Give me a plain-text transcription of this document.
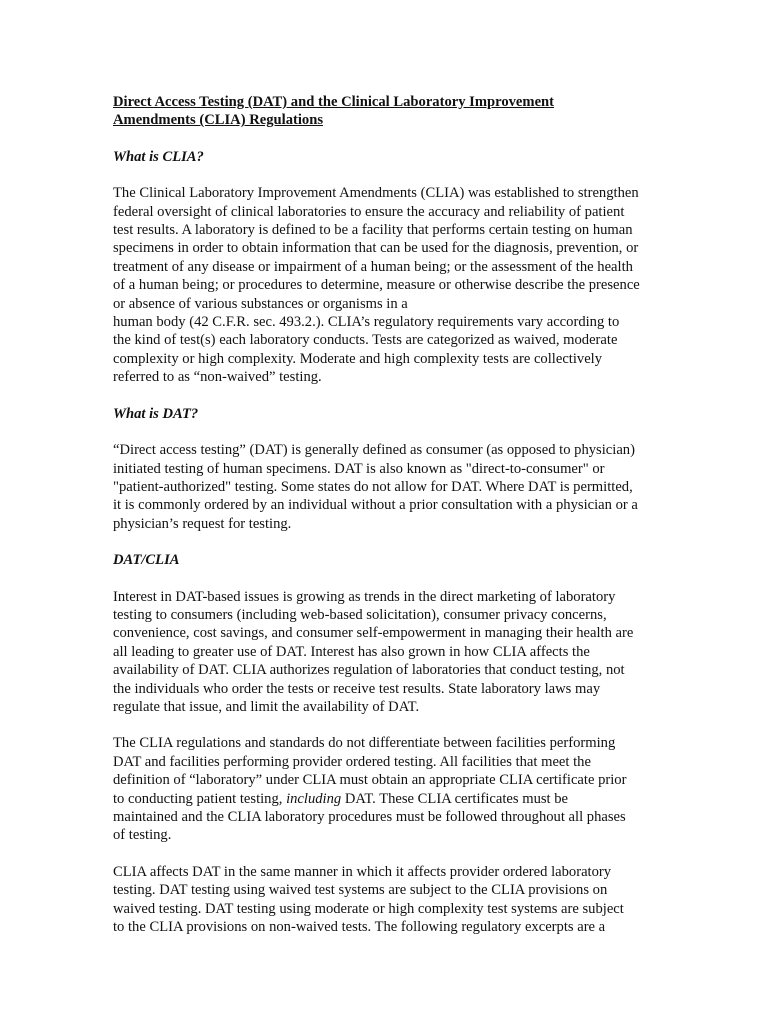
Direct Access Testing (DAT) and the Clinical Laboratory Improvement
Amendments (CLIA) Regulations

What is CLIA?

The Clinical Laboratory Improvement Amendments (CLIA) was established to strengthen
federal oversight of clinical laboratories to ensure the accuracy and reliability of patient
test results. A laboratory is defined to be a facility that performs certain testing on human
specimens in order to obtain information that can be used for the diagnosis, prevention, or
treatment of any disease or impairment of a human being; or the assessment of the health
of a human being; or procedures to determine, measure or otherwise describe the presence
or absence of various substances or organisms in a
human body (42 C.F.R. sec. 493.2.). CLIA’s regulatory requirements vary according to
the kind of test(s) each laboratory conducts. Tests are categorized as waived, moderate
complexity or high complexity. Moderate and high complexity tests are collectively
referred to as “non-waived” testing.

What is DAT?

“Direct access testing” (DAT) is generally defined as consumer (as opposed to physician)
initiated testing of human specimens. DAT is also known as "direct-to-consumer" or
"patient-authorized" testing. Some states do not allow for DAT. Where DAT is permitted,
it is commonly ordered by an individual without a prior consultation with a physician or a
physician’s request for testing.

DAT/CLIA

Interest in DAT-based issues is growing as trends in the direct marketing of laboratory
testing to consumers (including web-based solicitation), consumer privacy concerns,
convenience, cost savings, and consumer self-empowerment in managing their health are
all leading to greater use of DAT. Interest has also grown in how CLIA affects the
availability of DAT. CLIA authorizes regulation of laboratories that conduct testing, not
the individuals who order the tests or receive test results. State laboratory laws may
regulate that issue, and limit the availability of DAT.

The CLIA regulations and standards do not differentiate between facilities performing
DAT and facilities performing provider ordered testing. All facilities that meet the
definition of “laboratory” under CLIA must obtain an appropriate CLIA certificate prior
to conducting patient testing, including DAT. These CLIA certificates must be
maintained and the CLIA laboratory procedures must be followed throughout all phases
of testing.

CLIA affects DAT in the same manner in which it affects provider ordered laboratory
testing. DAT testing using waived test systems are subject to the CLIA provisions on
waived testing. DAT testing using moderate or high complexity test systems are subject
to the CLIA provisions on non-waived tests. The following regulatory excerpts are a
